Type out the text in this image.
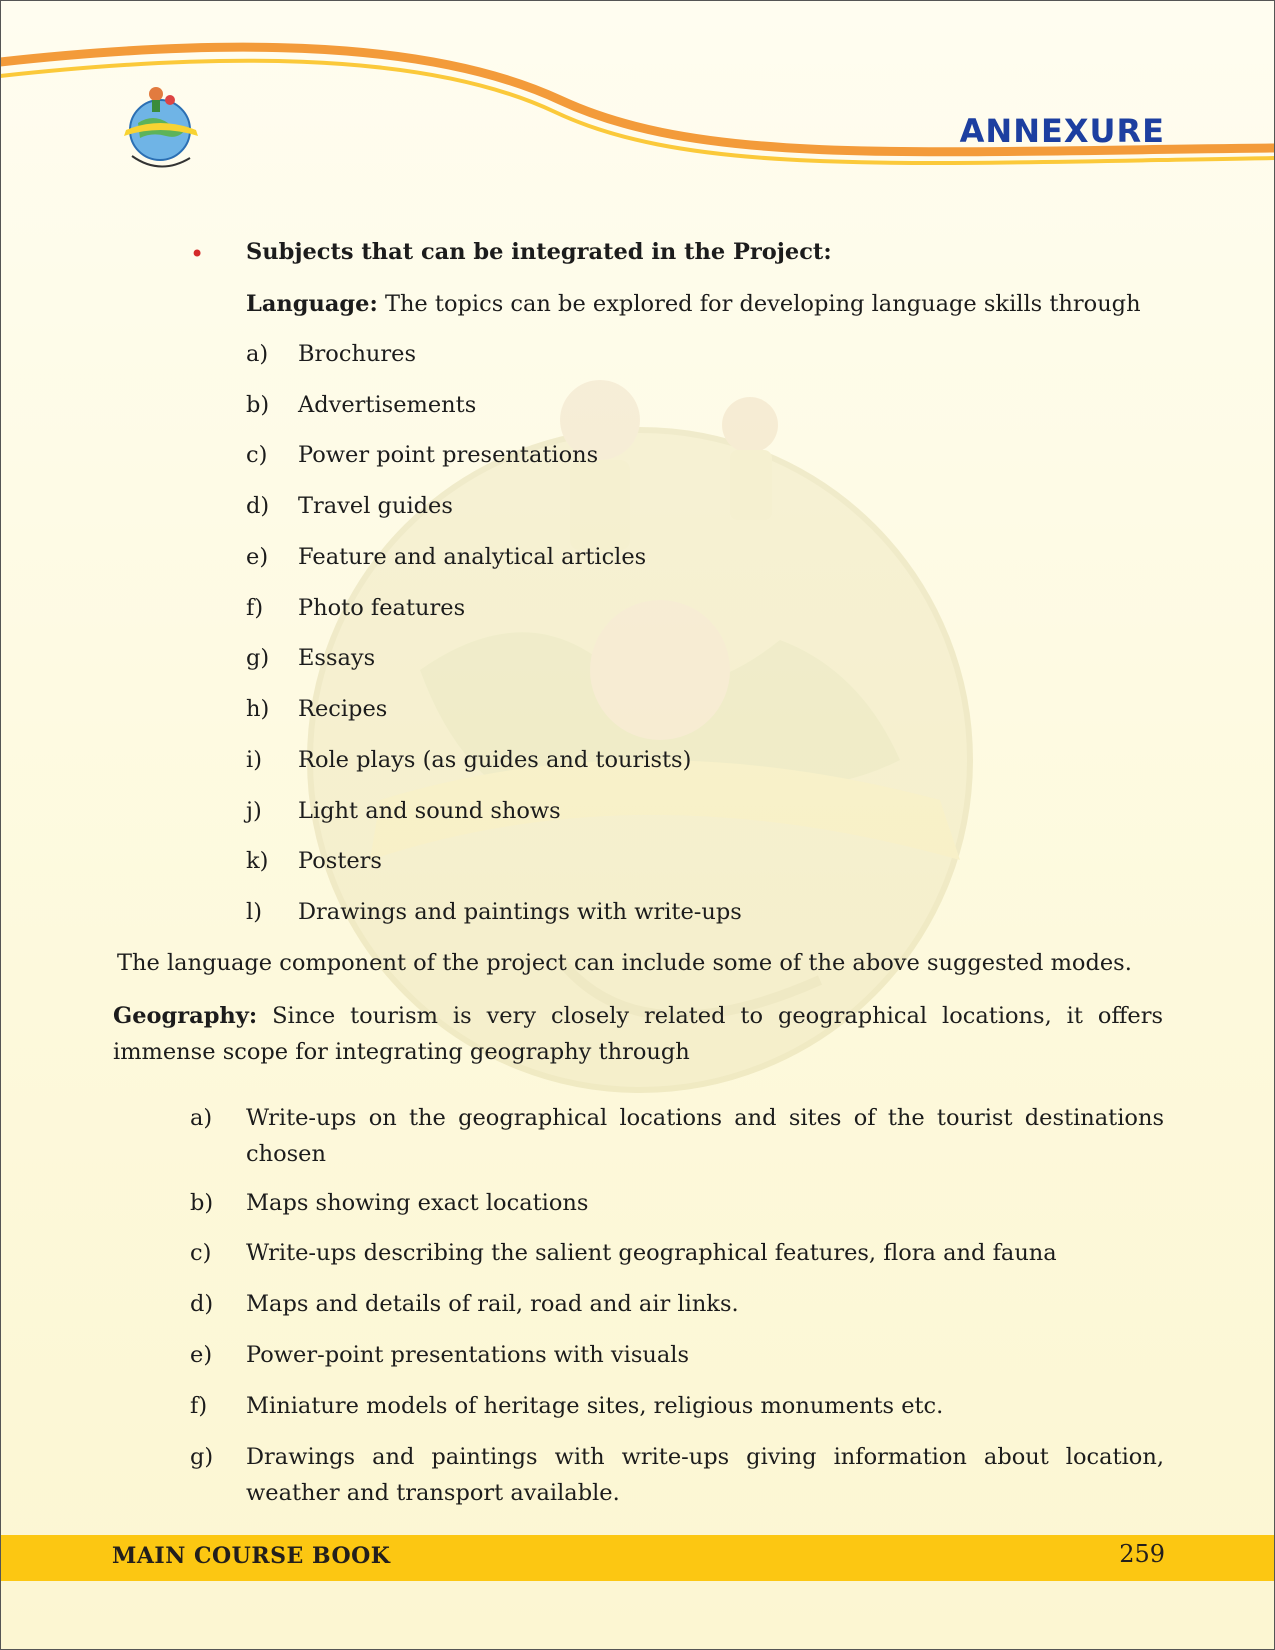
ANNEXURE
• Subjects that can be integrated in the Project:
Language: The topics can be explored for developing language skills through
a) Brochures
b) Advertisements
c) Power point presentations
d) Travel guides
e) Feature and analytical articles
f) Photo features
g) Essays
h) Recipes
i) Role plays (as guides and tourists)
j) Light and sound shows
k) Posters
l) Drawings and paintings with write-ups
The language component of the project can include some of the above suggested modes.
Geography: Since tourism is very closely related to geographical locations, it offers immense scope for integrating geography through
a) Write-ups on the geographical locations and sites of the tourist destinations chosen
b) Maps showing exact locations
c) Write-ups describing the salient geographical features, flora and fauna
d) Maps and details of rail, road and air links.
e) Power-point presentations with visuals
f) Miniature models of heritage sites, religious monuments etc.
g) Drawings and paintings with write-ups giving information about location, weather and transport available.
MAIN COURSE BOOK	259
